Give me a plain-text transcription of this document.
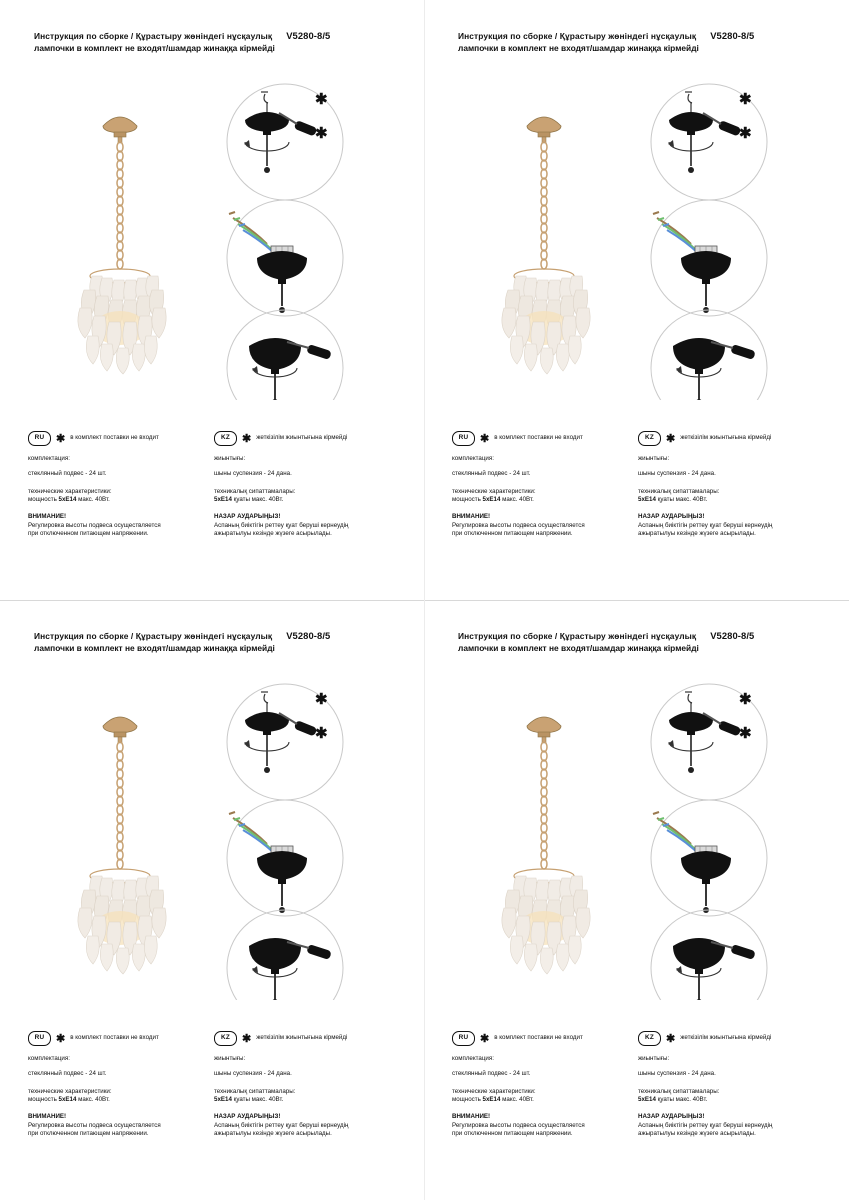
Инструкция по сборке / Құрастыру жөніндегі нұсқаулық V5280-8/5
лампочки в комплект не входят/шамдар жинаққа кірмейді
✱
✱
RU	✱ в комплект поставки не входит
комплектация:
стеклянный подвес - 24 шт.
технические характеристики:
мощность 5хЕ14 макс. 40Вт.
ВНИМАНИЕ!
Регулировка высоты подвеса осуществляется
при отключенном питающем напряжении.
KZ	✱ жеткізілім жиынтығына кірмейді
жиынтығы:
шыны суспензия - 24 дана.
техникалық сипаттамалары:
5хЕ14 қуаты макс. 40Вт.
НАЗАР АУДАРЫҢЫЗ!
Аспаның биіктігін реттеу қуат беруші кернеудің
ажыратылуы кезінде жүзеге асырылады.
Инструкция по сборке / Құрастыру жөніндегі нұсқаулық V5280-8/5
лампочки в комплект не входят/шамдар жинаққа кірмейді
✱
✱
RU	✱ в комплект поставки не входит
комплектация:
стеклянный подвес - 24 шт.
технические характеристики:
мощность 5хЕ14 макс. 40Вт.
ВНИМАНИЕ!
Регулировка высоты подвеса осуществляется
при отключенном питающем напряжении.
KZ	✱ жеткізілім жиынтығына кірмейді
жиынтығы:
шыны суспензия - 24 дана.
техникалық сипаттамалары:
5хЕ14 қуаты макс. 40Вт.
НАЗАР АУДАРЫҢЫЗ!
Аспаның биіктігін реттеу қуат беруші кернеудің
ажыратылуы кезінде жүзеге асырылады.
Инструкция по сборке / Құрастыру жөніндегі нұсқаулық V5280-8/5
лампочки в комплект не входят/шамдар жинаққа кірмейді
✱
✱
RU	✱ в комплект поставки не входит
комплектация:
стеклянный подвес - 24 шт.
технические характеристики:
мощность 5хЕ14 макс. 40Вт.
ВНИМАНИЕ!
Регулировка высоты подвеса осуществляется
при отключенном питающем напряжении.
KZ	✱ жеткізілім жиынтығына кірмейді
жиынтығы:
шыны суспензия - 24 дана.
техникалық сипаттамалары:
5хЕ14 қуаты макс. 40Вт.
НАЗАР АУДАРЫҢЫЗ!
Аспаның биіктігін реттеу қуат беруші кернеудің
ажыратылуы кезінде жүзеге асырылады.
Инструкция по сборке / Құрастыру жөніндегі нұсқаулық V5280-8/5
лампочки в комплект не входят/шамдар жинаққа кірмейді
✱
✱
RU	✱ в комплект поставки не входит
комплектация:
стеклянный подвес - 24 шт.
технические характеристики:
мощность 5хЕ14 макс. 40Вт.
ВНИМАНИЕ!
Регулировка высоты подвеса осуществляется
при отключенном питающем напряжении.
KZ	✱ жеткізілім жиынтығына кірмейді
жиынтығы:
шыны суспензия - 24 дана.
техникалық сипаттамалары:
5хЕ14 қуаты макс. 40Вт.
НАЗАР АУДАРЫҢЫЗ!
Аспаның биіктігін реттеу қуат беруші кернеудің
ажыратылуы кезінде жүзеге асырылады.
